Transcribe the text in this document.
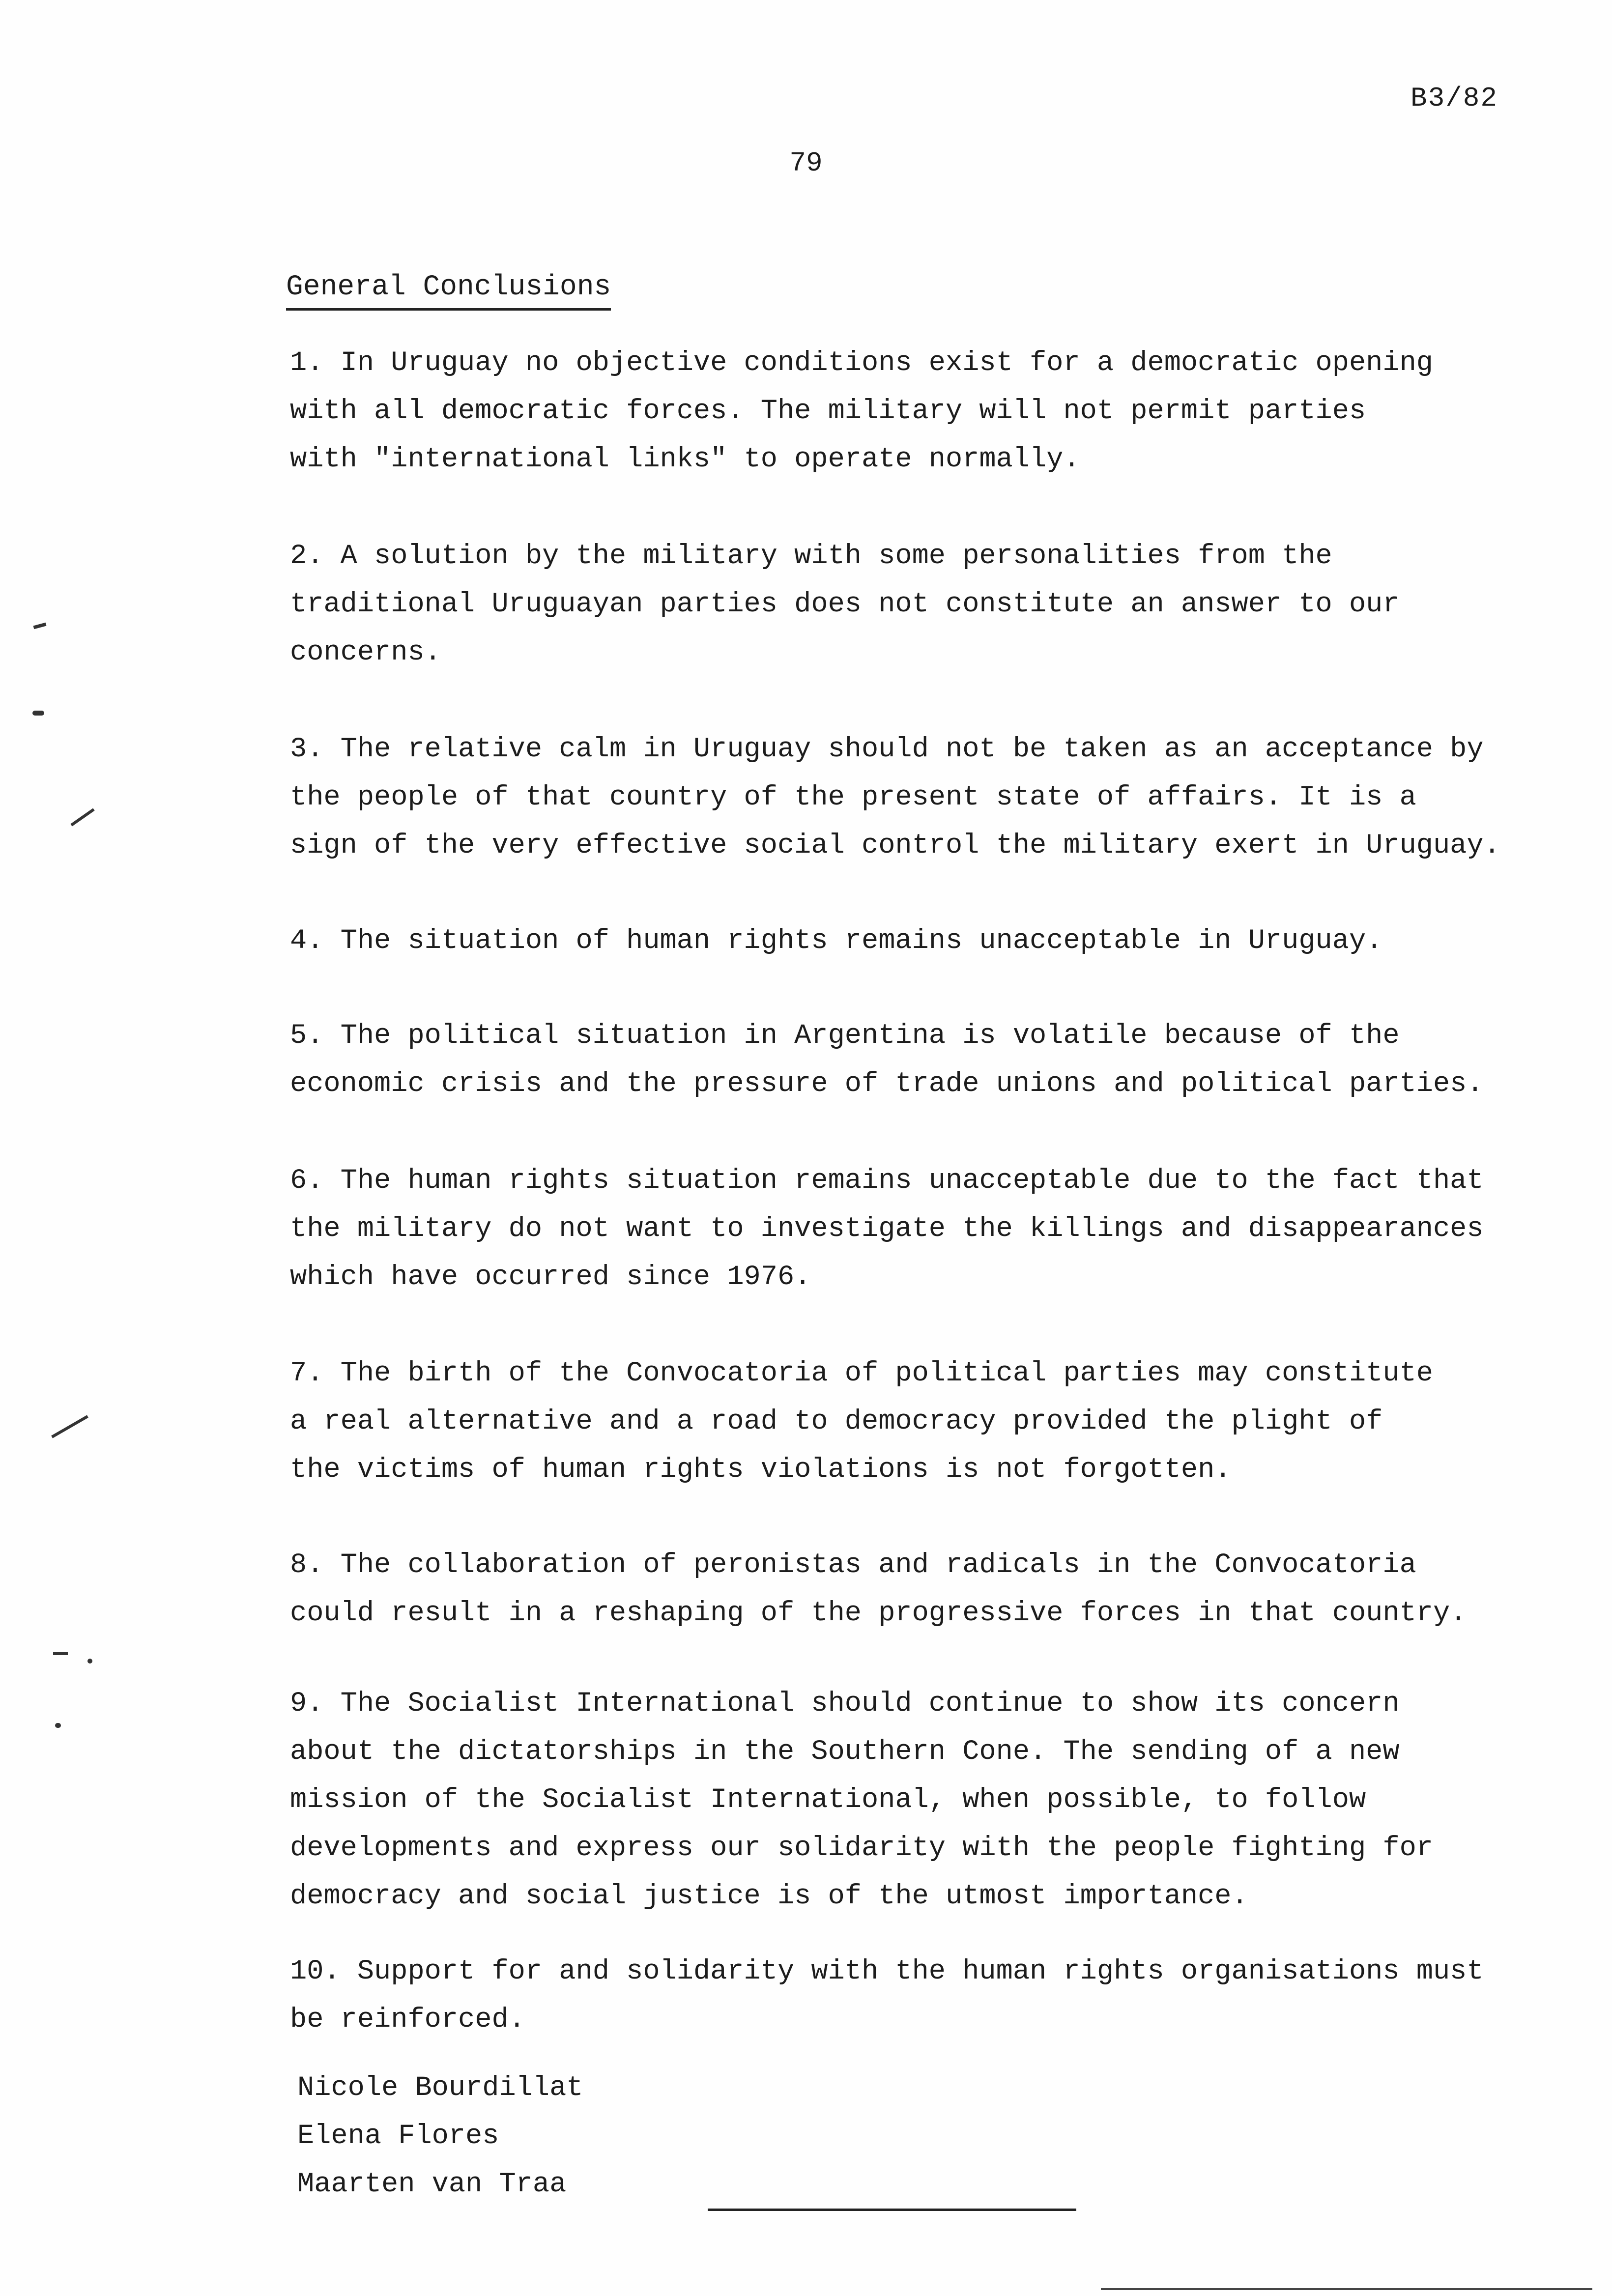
B3/82
79
General Conclusions
1. In Uruguay no objective conditions exist for a democratic opening
with all democratic forces. The military will not permit parties
with "international links" to operate normally.
2. A solution by the military with some personalities from the
traditional Uruguayan parties does not constitute an answer to our
concerns.
3. The relative calm in Uruguay should not be taken as an acceptance by
the people of that country of the present state of affairs. It is a
sign of the very effective social control the military exert in Uruguay.
4. The situation of human rights remains unacceptable in Uruguay.
5. The political situation in Argentina is volatile because of the
economic crisis and the pressure of trade unions and political parties.
6. The human rights situation remains unacceptable due to the fact that
the military do not want to investigate the killings and disappearances
which have occurred since 1976.
7. The birth of the Convocatoria of political parties may constitute
a real alternative and a road to democracy provided the plight of
the victims of human rights violations is not forgotten.
8. The collaboration of peronistas and radicals in the Convocatoria
could result in a reshaping of the progressive forces in that country.
9. The Socialist International should continue to show its concern
about the dictatorships in the Southern Cone. The sending of a new
mission of the Socialist International, when possible, to follow
developments and express our solidarity with the people fighting for
democracy and social justice is of the utmost importance.
10. Support for and solidarity with the human rights organisations must
be reinforced.
Nicole Bourdillat
Elena Flores
Maarten van Traa
